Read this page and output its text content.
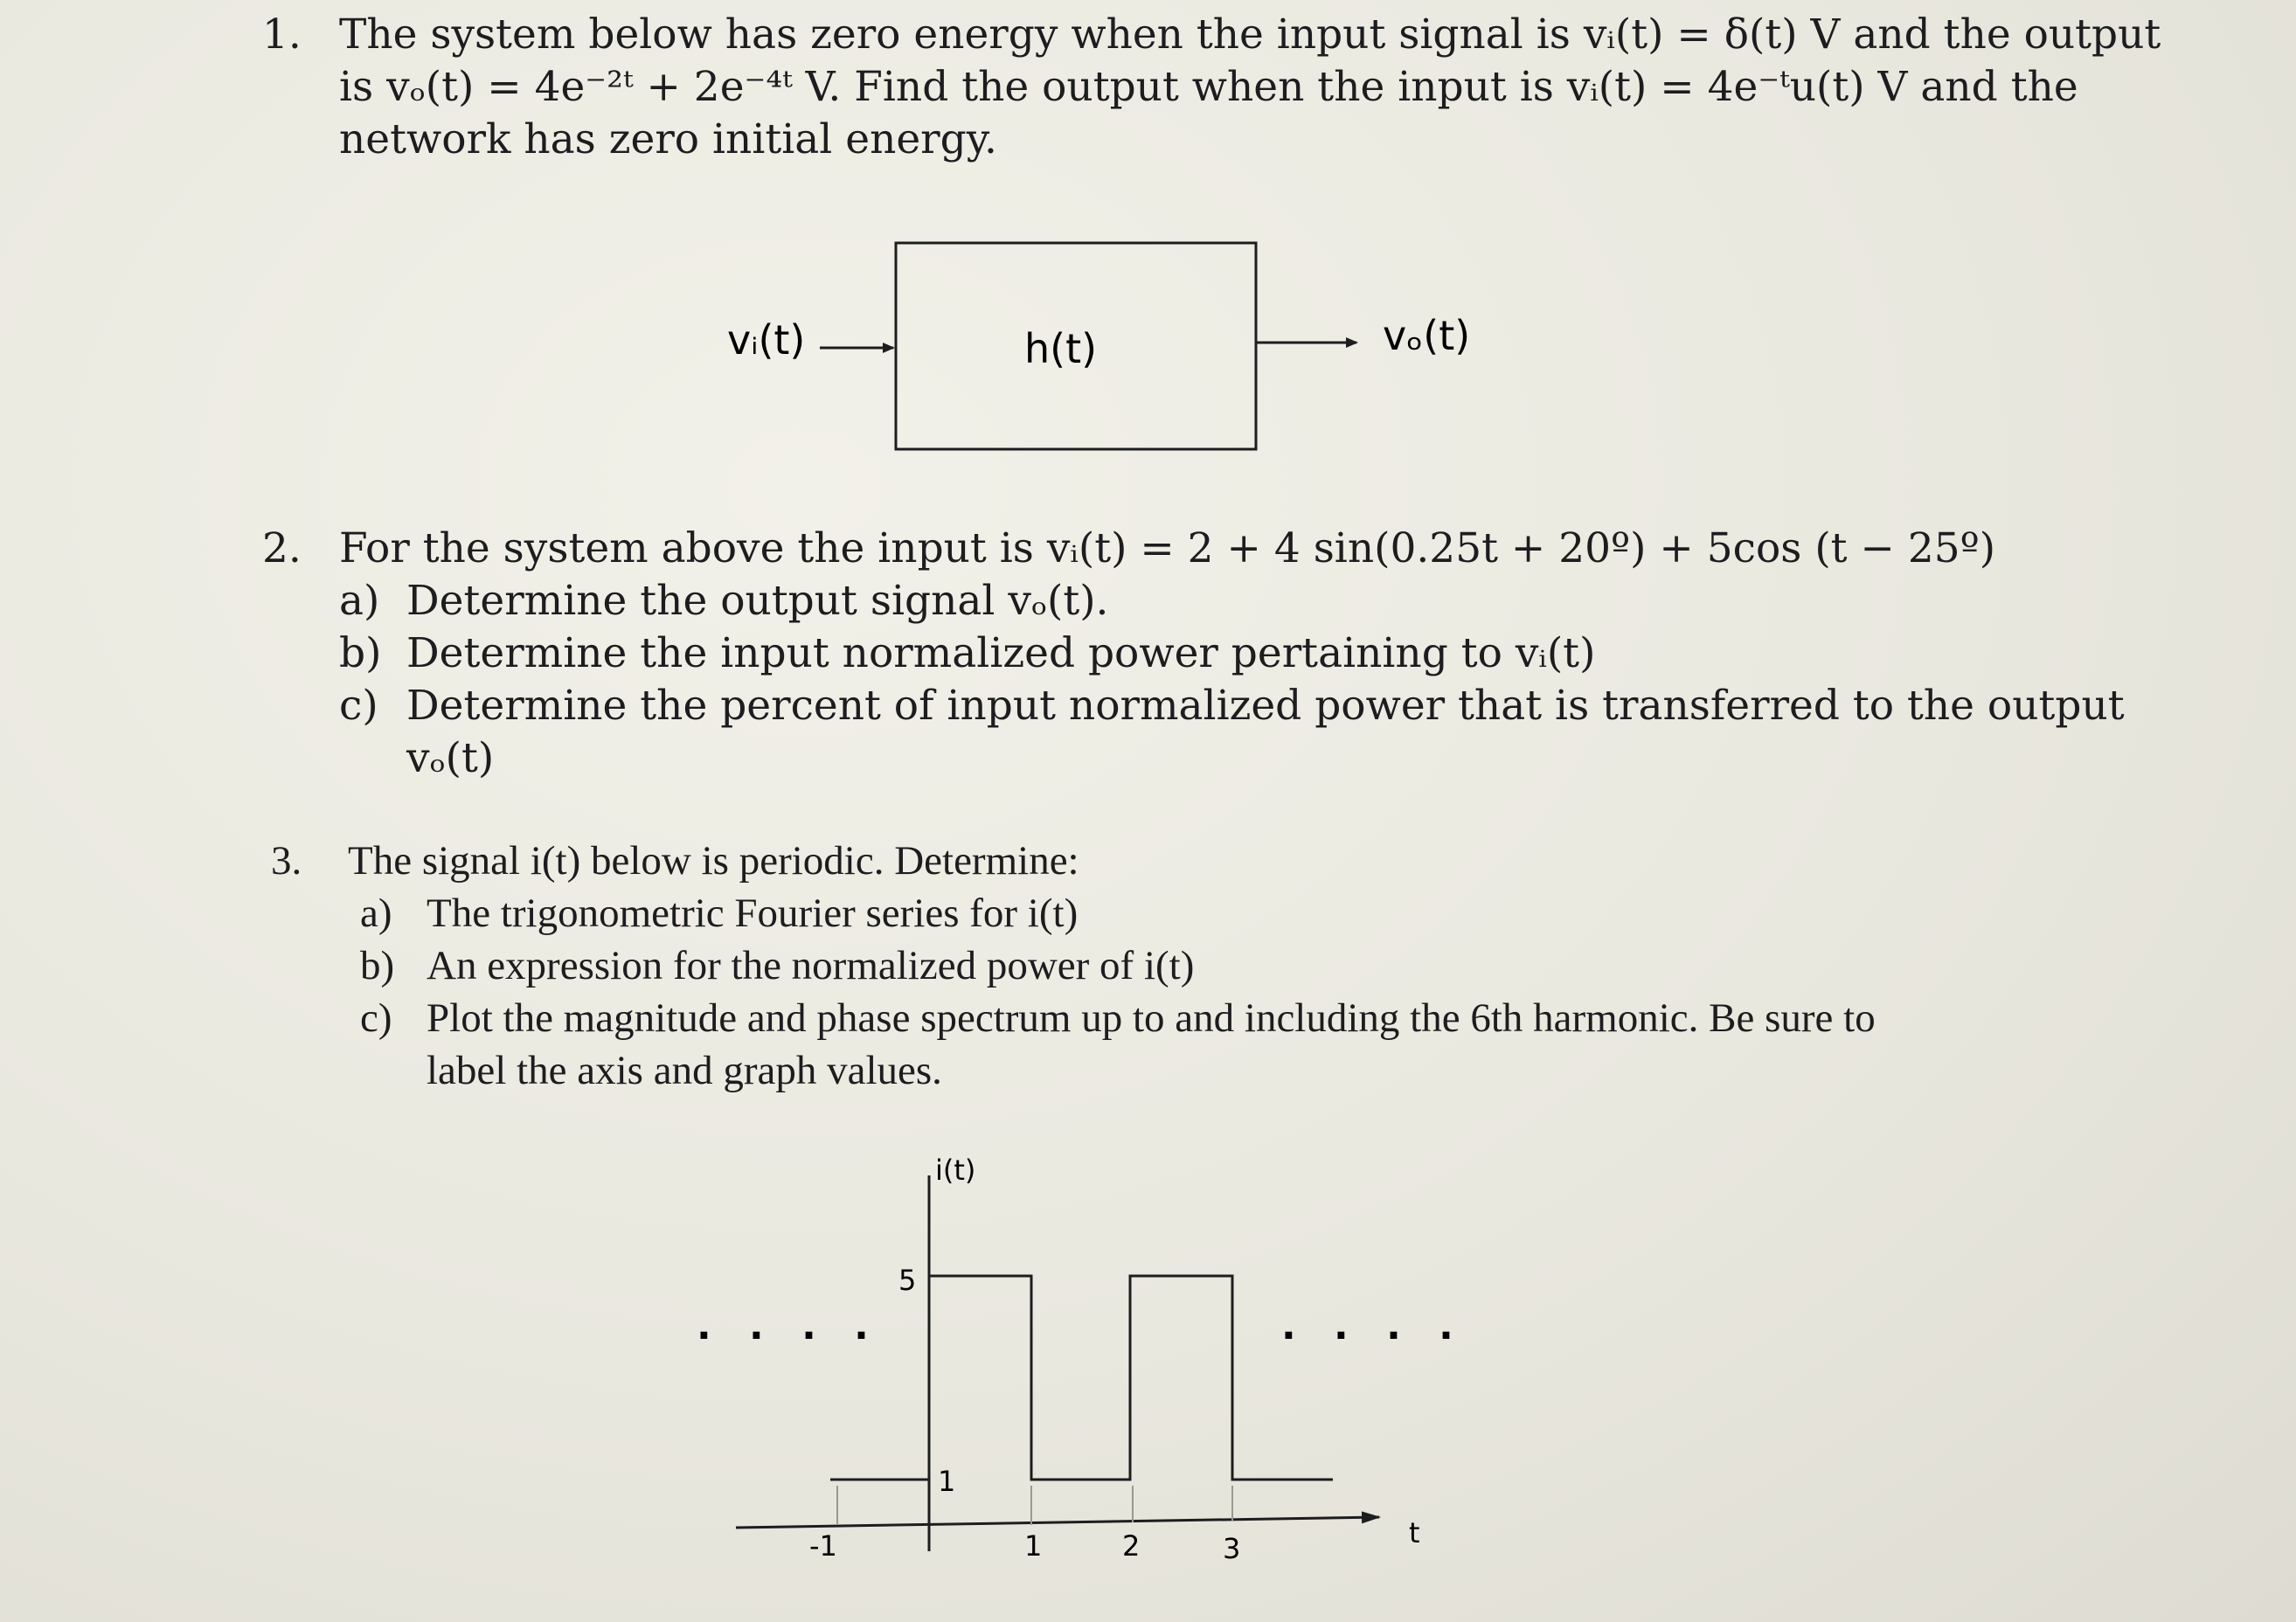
1. The system below has zero energy when the input signal is vᵢ(t) = δ(t) V and the output
is vₒ(t) = 4e⁻²ᵗ + 2e⁻⁴ᵗ V. Find the output when the input is vᵢ(t) = 4e⁻ᵗu(t) V and the
network has zero initial energy.
vᵢ(t)	h(t)	vₒ(t)
2. For the system above the input is vᵢ(t) = 2 + 4 sin(0.25t + 20º) + 5cos (t − 25º)
a) Determine the output signal vₒ(t).
b) Determine the input normalized power pertaining to vᵢ(t)
c) Determine the percent of input normalized power that is transferred to the output
vₒ(t)
3. The signal i(t) below is periodic. Determine:
a) The trigonometric Fourier series for i(t)
b) An expression for the normalized power of i(t)
c) Plot the magnitude and phase spectrum up to and including the 6th harmonic. Be sure to
label the axis and graph values.
i(t)
t
5
1
-1	1	2	3
. . . .	. . . .
